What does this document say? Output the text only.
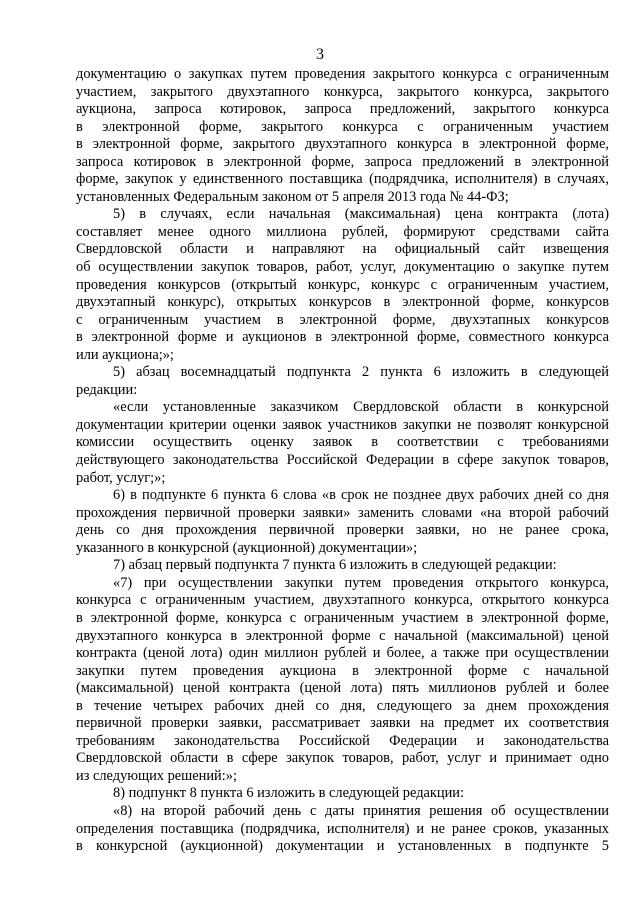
3
документацию о закупках путем проведения закрытого конкурса с ограниченным
участием, закрытого двухэтапного конкурса, закрытого конкурса, закрытого
аукциона, запроса котировок, запроса предложений, закрытого конкурса
в электронной форме, закрытого конкурса с ограниченным участием
в электронной форме, закрытого двухэтапного конкурса в электронной форме,
запроса котировок в электронной форме, запроса предложений в электронной
форме, закупок у единственного поставщика (подрядчика, исполнителя) в случаях,
установленных Федеральным законом от 5 апреля 2013 года № 44-ФЗ;
5) в случаях, если начальная (максимальная) цена контракта (лота)
составляет менее одного миллиона рублей, формируют средствами сайта
Свердловской области и направляют на официальный сайт извещения
об осуществлении закупок товаров, работ, услуг, документацию о закупке путем
проведения конкурсов (открытый конкурс, конкурс с ограниченным участием,
двухэтапный конкурс), открытых конкурсов в электронной форме, конкурсов
с ограниченным участием в электронной форме, двухэтапных конкурсов
в электронной форме и аукционов в электронной форме, совместного конкурса
или аукциона;»;
5) абзац восемнадцатый подпункта 2 пункта 6 изложить в следующей
редакции:
«если установленные заказчиком Свердловской области в конкурсной
документации критерии оценки заявок участников закупки не позволят конкурсной
комиссии осуществить оценку заявок в соответствии с требованиями
действующего законодательства Российской Федерации в сфере закупок товаров,
работ, услуг;»;
6) в подпункте 6 пункта 6 слова «в срок не позднее двух рабочих дней со дня
прохождения первичной проверки заявки» заменить словами «на второй рабочий
день со дня прохождения первичной проверки заявки, но не ранее срока,
указанного в конкурсной (аукционной) документации»;
7) абзац первый подпункта 7 пункта 6 изложить в следующей редакции:
«7) при осуществлении закупки путем проведения открытого конкурса,
конкурса с ограниченным участием, двухэтапного конкурса, открытого конкурса
в электронной форме, конкурса с ограниченным участием в электронной форме,
двухэтапного конкурса в электронной форме с начальной (максимальной) ценой
контракта (ценой лота) один миллион рублей и более, а также при осуществлении
закупки путем проведения аукциона в электронной форме с начальной
(максимальной) ценой контракта (ценой лота) пять миллионов рублей и более
в течение четырех рабочих дней со дня, следующего за днем прохождения
первичной проверки заявки, рассматривает заявки на предмет их соответствия
требованиям законодательства Российской Федерации и законодательства
Свердловской области в сфере закупок товаров, работ, услуг и принимает одно
из следующих решений:»;
8) подпункт 8 пункта 6 изложить в следующей редакции:
«8) на второй рабочий день с даты принятия решения об осуществлении
определения поставщика (подрядчика, исполнителя) и не ранее сроков, указанных
в конкурсной (аукционной) документации и установленных в подпункте 5
